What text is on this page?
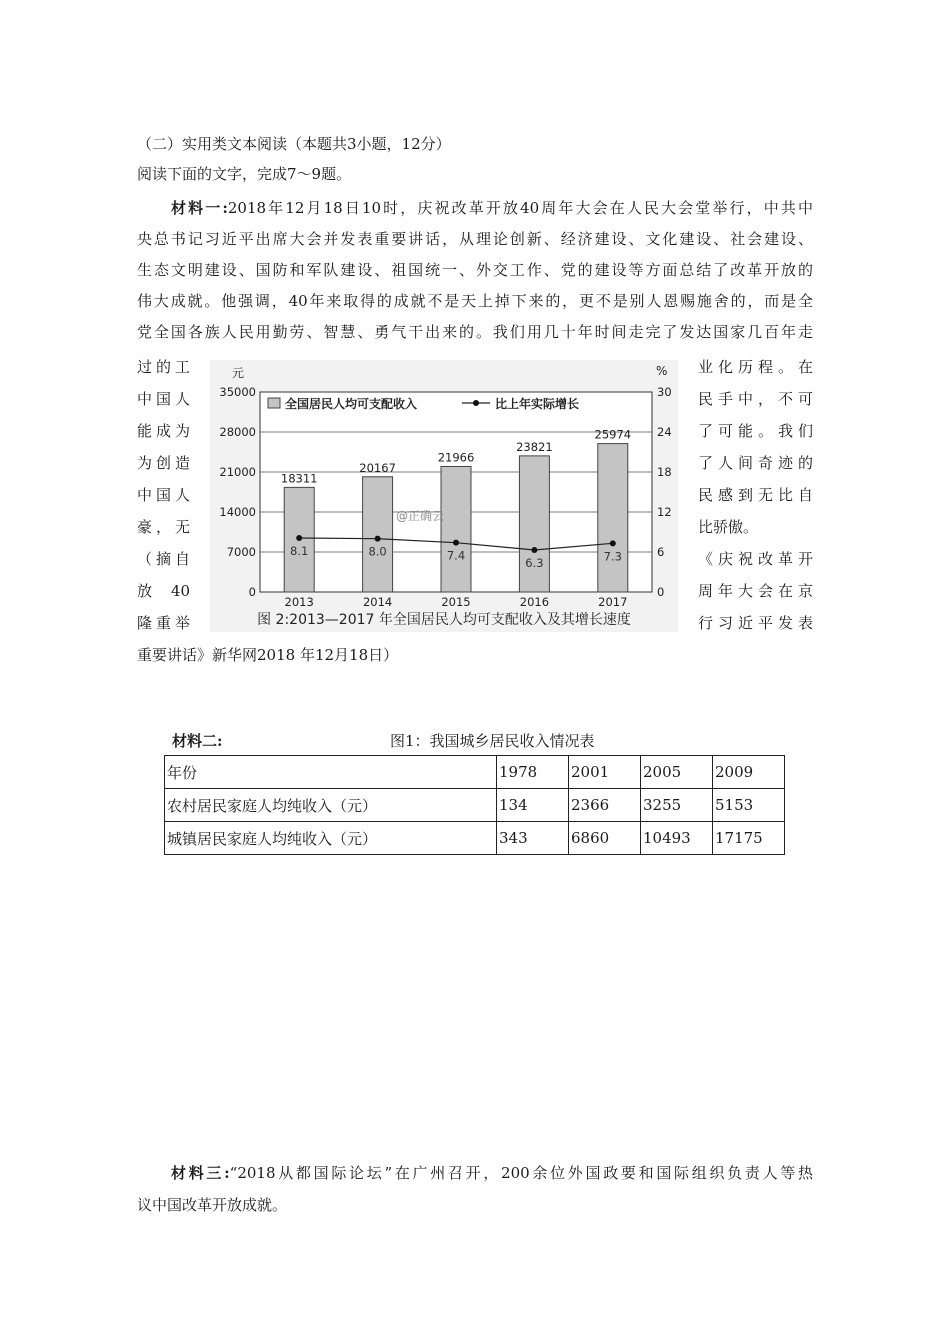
（二）实用类文本阅读（本题共3小题，12分）
阅读下面的文字，完成7～9题。
材料一:2018年12月18日10时，庆祝改革开放40周年大会在人民大会堂举行，中共中
央总书记习近平出席大会并发表重要讲话，从理论创新、经济建设、文化建设、社会建设、
生态文明建设、国防和军队建设、祖国统一、外交工作、党的建设等方面总结了改革开放的
伟大成就。他强调，40年来取得的成就不是天上掉下来的，更不是别人恩赐施舍的，而是全
党全国各族人民用勤劳、智慧、勇气干出来的。我们用几十年时间走完了发达国家几百年走
过的工
中国人
能成为
为创造
中国人
豪，无
（摘自
放 40
隆重举
业化历程。在
民手中，不可
了可能。我们
了人间奇迹的
民感到无比自
比骄傲。
《庆祝改革开
周年大会在京
行习近平发表
重要讲话》新华网2018 年12月18日）
35000
28000
21000
14000
7000
0
30
24
18
12
6
0
元	%
18311
2013
20167
2014
21966
2015
23821
2016
25974
2017
8.1	8.0	7.4
6.3	7.3
@正确云
图 2:2013—2017 年全国居民人均可支配收入及其增长速度
全国居民人均可支配收入	比上年实际增长
材料二:	图1：我国城乡居民收入情况表
年份	1978	2001	2005	2009
农村居民家庭人均纯收入（元）	134	2366	3255	5153
城镇居民家庭人均纯收入（元）	343	6860	10493	17175
材料三:“2018从都国际论坛”在广州召开，200余位外国政要和国际组织负责人等热
议中国改革开放成就。
